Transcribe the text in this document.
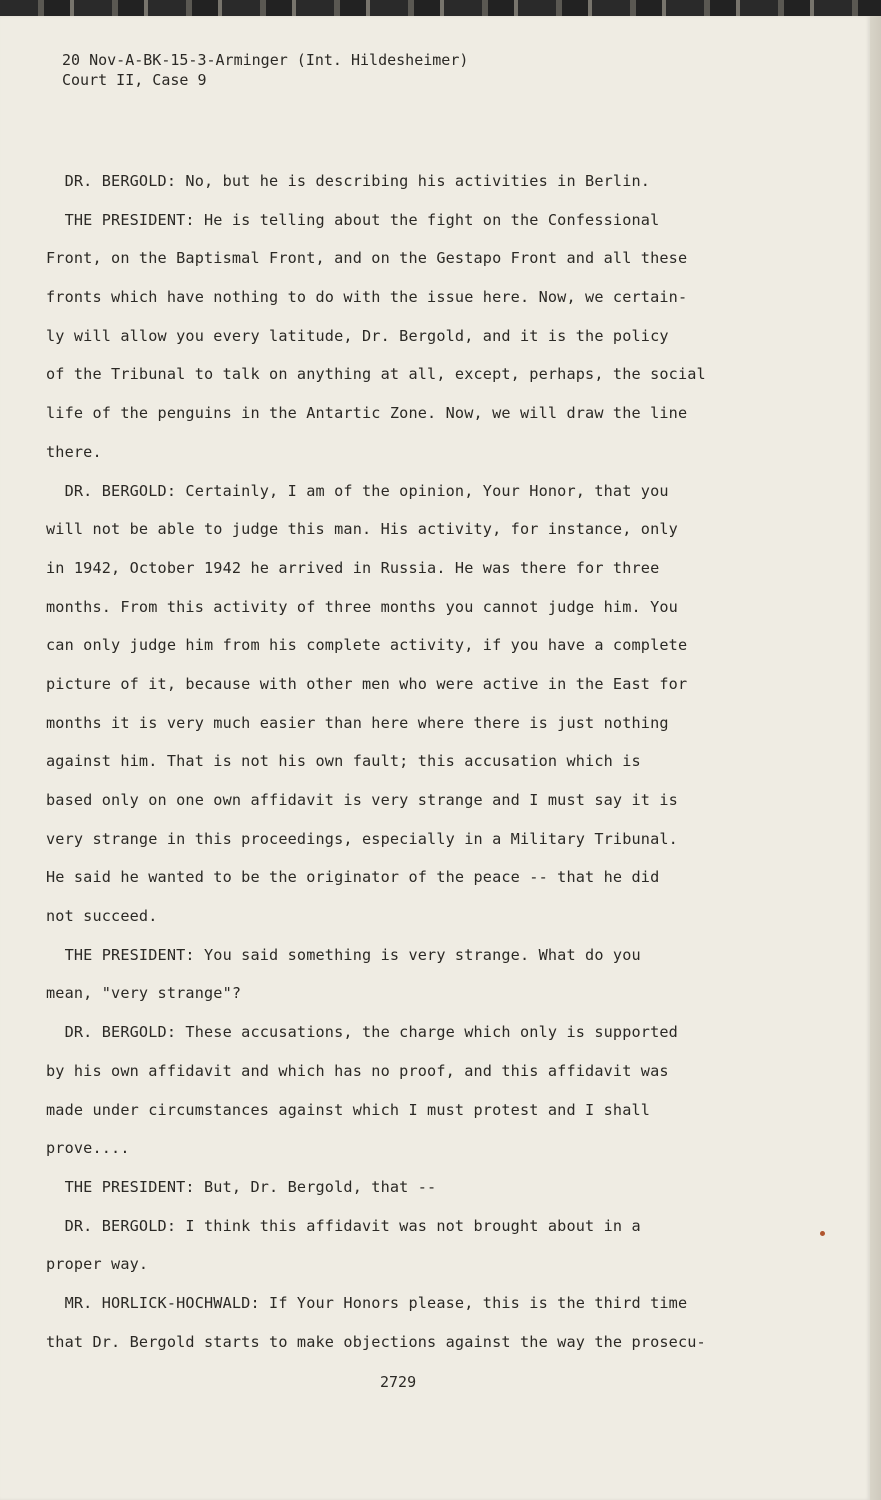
20 Nov-A-BK-15-3-Arminger (Int. Hildesheimer)
Court II, Case 9
DR. BERGOLD: No, but he is describing his activities in Berlin.
THE PRESIDENT: He is telling about the fight on the Confessional
Front, on the Baptismal Front, and on the Gestapo Front and all these
fronts which have nothing to do with the issue here. Now, we certain-
ly will allow you every latitude, Dr. Bergold, and it is the policy
of the Tribunal to talk on anything at all, except, perhaps, the social
life of the penguins in the Antartic Zone. Now, we will draw the line
there.
DR. BERGOLD: Certainly, I am of the opinion, Your Honor, that you
will not be able to judge this man. His activity, for instance, only
in 1942, October 1942 he arrived in Russia. He was there for three
months. From this activity of three months you cannot judge him. You
can only judge him from his complete activity, if you have a complete
picture of it, because with other men who were active in the East for
months it is very much easier than here where there is just nothing
against him. That is not his own fault; this accusation which is
based only on one own affidavit is very strange and I must say it is
very strange in this proceedings, especially in a Military Tribunal.
He said he wanted to be the originator of the peace -- that he did
not succeed.
THE PRESIDENT: You said something is very strange. What do you
mean, "very strange"?
DR. BERGOLD: These accusations, the charge which only is supported
by his own affidavit and which has no proof, and this affidavit was
made under circumstances against which I must protest and I shall
prove....
THE PRESIDENT: But, Dr. Bergold, that --
DR. BERGOLD: I think this affidavit was not brought about in a
proper way.
MR. HORLICK-HOCHWALD: If Your Honors please, this is the third time
that Dr. Bergold starts to make objections against the way the prosecu-
2729
